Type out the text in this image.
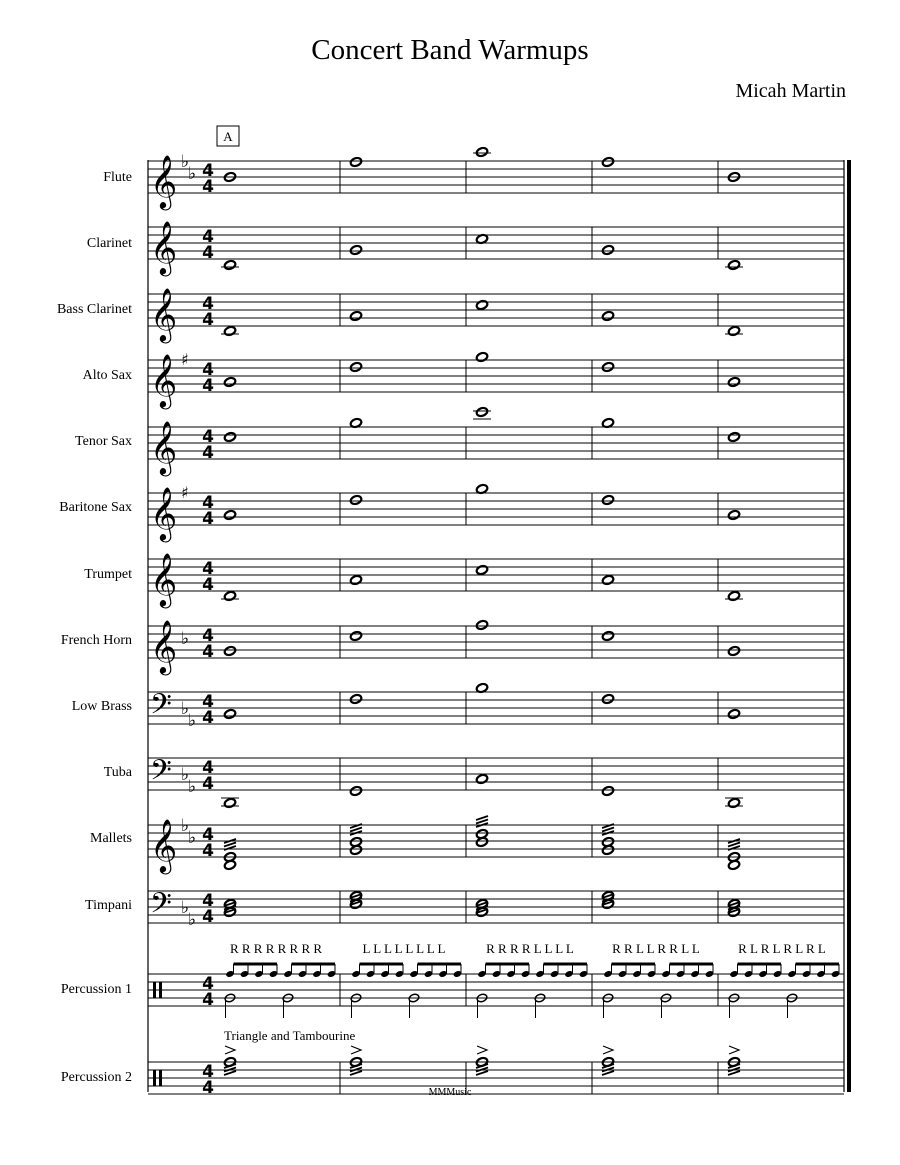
Concert Band Warmups
Micah Martin
Flute
Clarinet
Bass Clarinet
Alto Sax
Tenor Sax
Baritone Sax
Trumpet
French Horn
Low Brass
Tuba
Mallets
Timpani
Percussion 1
Percussion 2
A
𝄞 ♭
♭ 4
4
𝄞 4
4
𝄞 4
4
𝄞 ♯
4
4
𝄞 4
4
𝄞 ♯
4
4
𝄞 4
4
𝄞 ♭ 4
4
𝄢 ♭
♭
4
4
𝄢 ♭
♭
4
4
𝄞 ♭
♭ 4
4
𝄢 ♭
♭
4
4
4
4
4
4
R R R R R R R R	L L L L L L L L	R R R R L L L L	R R L L R R L L	R L R L R L R L
Triangle and Tambourine
MMMusic
